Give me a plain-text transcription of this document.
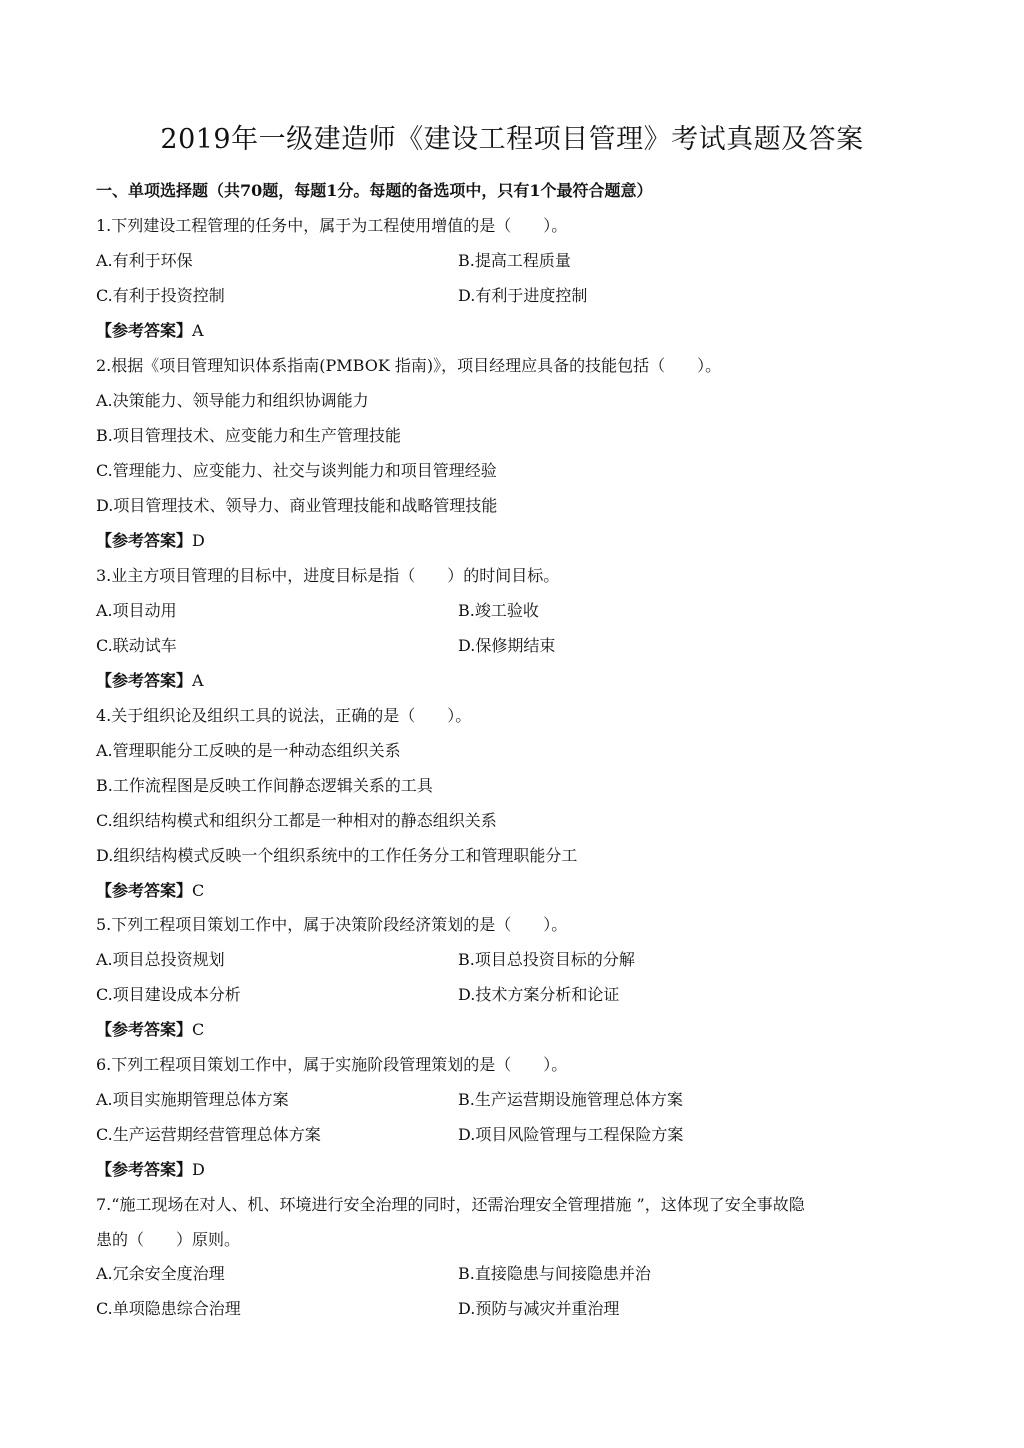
2019年一级建造师《建设工程项目管理》考试真题及答案
一、单项选择题（共70题，每题1分。每题的备选项中，只有1个最符合题意）
1.下列建设工程管理的任务中，属于为工程使用增值的是（　　）。
A.有利于环保	B.提高工程质量
C.有利于投资控制	D.有利于进度控制
【参考答案】A
2.根据《项目管理知识体系指南(PMBOK 指南)》，项目经理应具备的技能包括（　　）。
A.决策能力、领导能力和组织协调能力
B.项目管理技术、应变能力和生产管理技能
C.管理能力、应变能力、社交与谈判能力和项目管理经验
D.项目管理技术、领导力、商业管理技能和战略管理技能
【参考答案】D
3.业主方项目管理的目标中，进度目标是指（　　）的时间目标。
A.项目动用	B.竣工验收
C.联动试车	D.保修期结束
【参考答案】A
4.关于组织论及组织工具的说法，正确的是（　　）。
A.管理职能分工反映的是一种动态组织关系
B.工作流程图是反映工作间静态逻辑关系的工具
C.组织结构模式和组织分工都是一种相对的静态组织关系
D.组织结构模式反映一个组织系统中的工作任务分工和管理职能分工
【参考答案】C
5.下列工程项目策划工作中，属于决策阶段经济策划的是（　　）。
A.项目总投资规划	B.项目总投资目标的分解
C.项目建设成本分析	D.技术方案分析和论证
【参考答案】C
6.下列工程项目策划工作中，属于实施阶段管理策划的是（　　）。
A.项目实施期管理总体方案	B.生产运营期设施管理总体方案
C.生产运营期经营管理总体方案	D.项目风险管理与工程保险方案
【参考答案】D
7.“施工现场在对人、机、环境进行安全治理的同时，还需治理安全管理措施 ”，这体现了安全事故隐
患的（　　）原则。
A.冗余安全度治理	B.直接隐患与间接隐患并治
C.单项隐患综合治理	D.预防与减灾并重治理
